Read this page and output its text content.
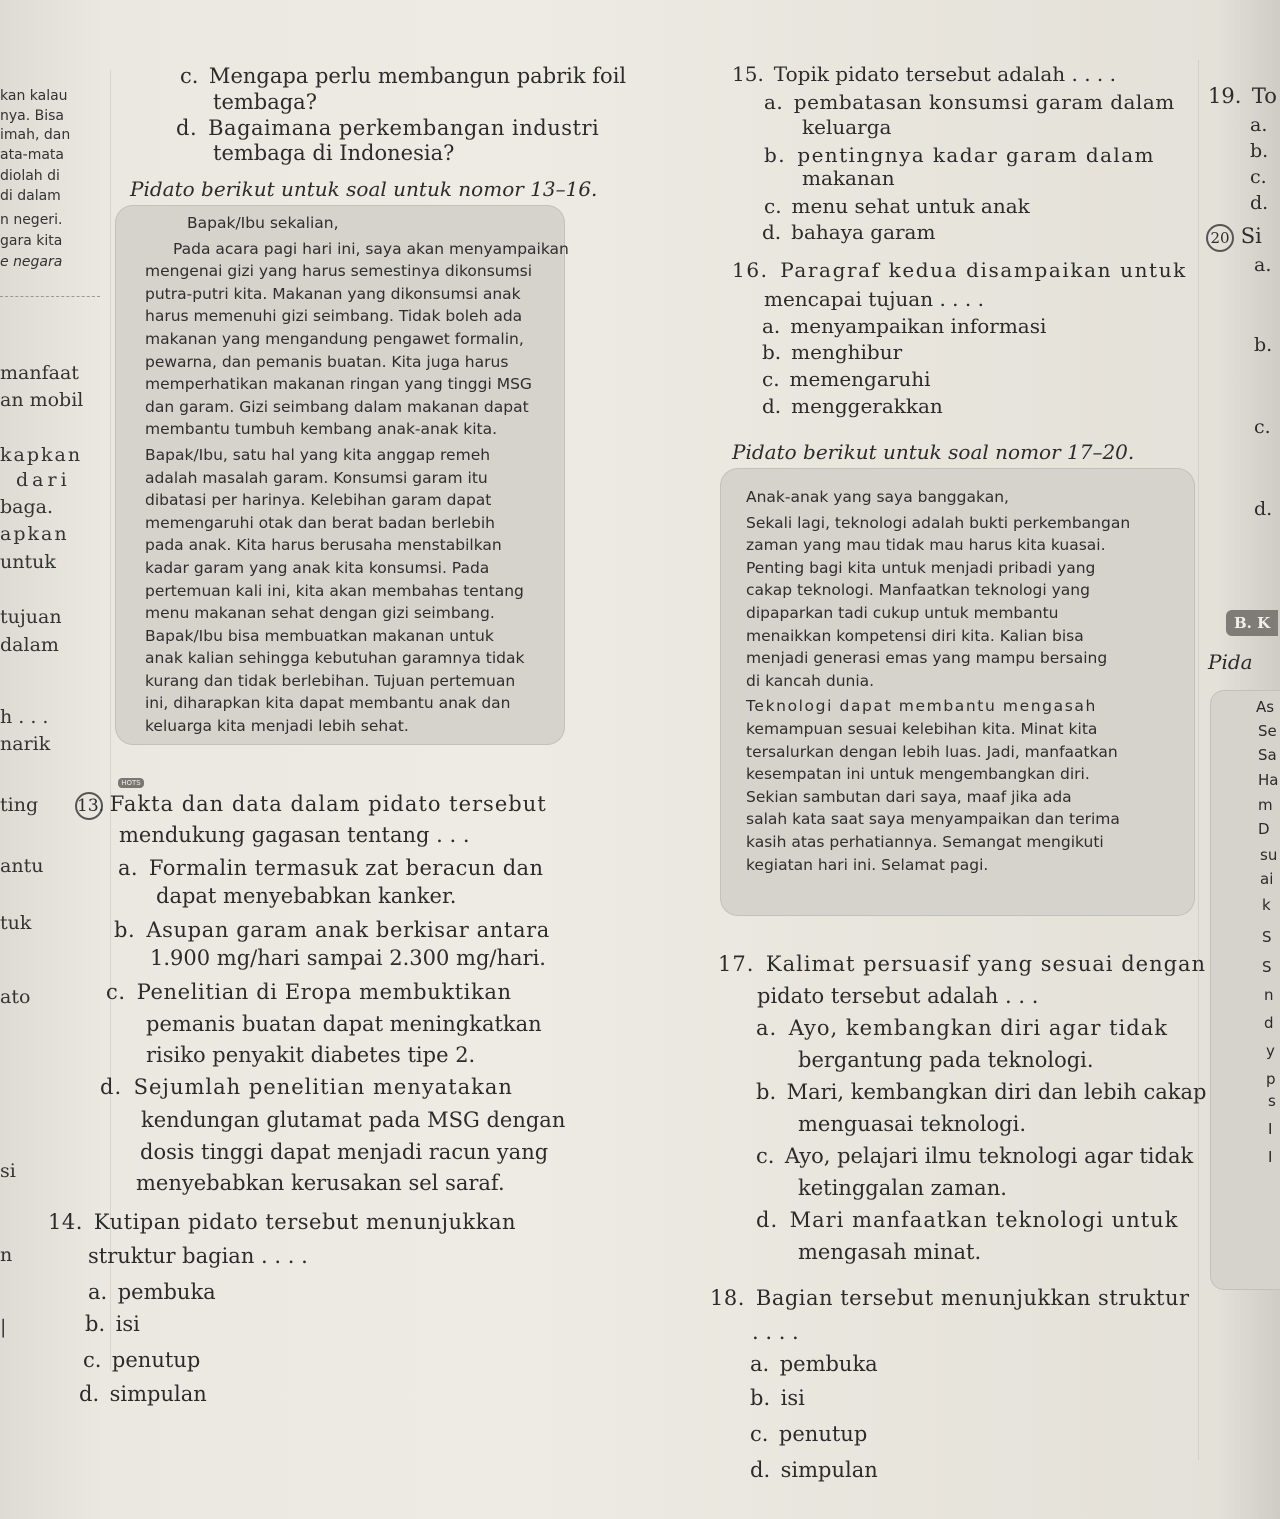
kan kalau
nya. Bisa
imah, dan
ata-mata
diolah di
di dalam
n negeri.
gara kita
e negara
manfaat
an mobil
kapkan
dari
baga.
apkan
untuk
tujuan
dalam
h . . .
narik
ting
antu
tuk
ato
si
n
|
c. Mengapa perlu membangun pabrik foil
tembaga?
d. Bagaimana perkembangan industri
tembaga di Indonesia?
Pidato berikut untuk soal untuk nomor 13–16.

Bapak/Ibu sekalian,

Pada acara pagi hari ini, saya akan menyampaikan

mengenai gizi yang harus semestinya dikonsumsi

putra-putri kita. Makanan yang dikonsumsi anak

harus memenuhi gizi seimbang. Tidak boleh ada

makanan yang mengandung pengawet formalin,

pewarna, dan pemanis buatan. Kita juga harus

memperhatikan makanan ringan yang tinggi MSG

dan garam. Gizi seimbang dalam makanan dapat

membantu tumbuh kembang anak-anak kita.

Bapak/Ibu, satu hal yang kita anggap remeh

adalah masalah garam. Konsumsi garam itu

dibatasi per harinya. Kelebihan garam dapat

memengaruhi otak dan berat badan berlebih

pada anak. Kita harus berusaha menstabilkan

kadar garam yang anak kita konsumsi. Pada

pertemuan kali ini, kita akan membahas tentang

menu makanan sehat dengan gizi seimbang.

Bapak/Ibu bisa membuatkan makanan untuk

anak kalian sehingga kebutuhan garamnya tidak

kurang dan tidak berlebihan. Tujuan pertemuan

ini, diharapkan kita dapat membantu anak dan

keluarga kita menjadi lebih sehat.

HOTS
13. Fakta dan data dalam pidato tersebut
mendukung gagasan tentang . . .
a. Formalin termasuk zat beracun dan
dapat menyebabkan kanker.
b. Asupan garam anak berkisar antara
1.900 mg/hari sampai 2.300 mg/hari.
c. Penelitian di Eropa membuktikan
pemanis buatan dapat meningkatkan
risiko penyakit diabetes tipe 2.
d. Sejumlah penelitian menyatakan
kendungan glutamat pada MSG dengan
dosis tinggi dapat menjadi racun yang
menyebabkan kerusakan sel saraf.
14. Kutipan pidato tersebut menunjukkan
struktur bagian . . . .
a. pembuka
b. isi
c. penutup
d. simpulan
15. Topik pidato tersebut adalah . . . .
a. pembatasan konsumsi garam dalam
keluarga
b. pentingnya kadar garam dalam
makanan
c. menu sehat untuk anak
d. bahaya garam
16. Paragraf kedua disampaikan untuk
mencapai tujuan . . . .
a. menyampaikan informasi
b. menghibur
c. memengaruhi
d. menggerakkan
Pidato berikut untuk soal nomor 17–20.

Anak-anak yang saya banggakan,

Sekali lagi, teknologi adalah bukti perkembangan

zaman yang mau tidak mau harus kita kuasai.

Penting bagi kita untuk menjadi pribadi yang

cakap teknologi. Manfaatkan teknologi yang

dipaparkan tadi cukup untuk membantu

menaikkan kompetensi diri kita. Kalian bisa

menjadi generasi emas yang mampu bersaing

di kancah dunia.

Teknologi dapat membantu mengasah

kemampuan sesuai kelebihan kita. Minat kita

tersalurkan dengan lebih luas. Jadi, manfaatkan

kesempatan ini untuk mengembangkan diri.

Sekian sambutan dari saya, maaf jika ada

salah kata saat saya menyampaikan dan terima

kasih atas perhatiannya. Semangat mengikuti

kegiatan hari ini. Selamat pagi.

17. Kalimat persuasif yang sesuai dengan
pidato tersebut adalah . . .
a. Ayo, kembangkan diri agar tidak
bergantung pada teknologi.
b. Mari, kembangkan diri dan lebih cakap
menguasai teknologi.
c. Ayo, pelajari ilmu teknologi agar tidak
ketinggalan zaman.
d. Mari manfaatkan teknologi untuk
mengasah minat.
18. Bagian tersebut menunjukkan struktur
. . . .
a. pembuka
b. isi
c. penutup
d. simpulan
19. To
a.
b.
c.
d.
20 Si
a.
b.
c.
d.
B. K
Pida
As
Se
Sa
Ha
m
D
su
ai
k
S
S
n
d
y
p
s
I
I
